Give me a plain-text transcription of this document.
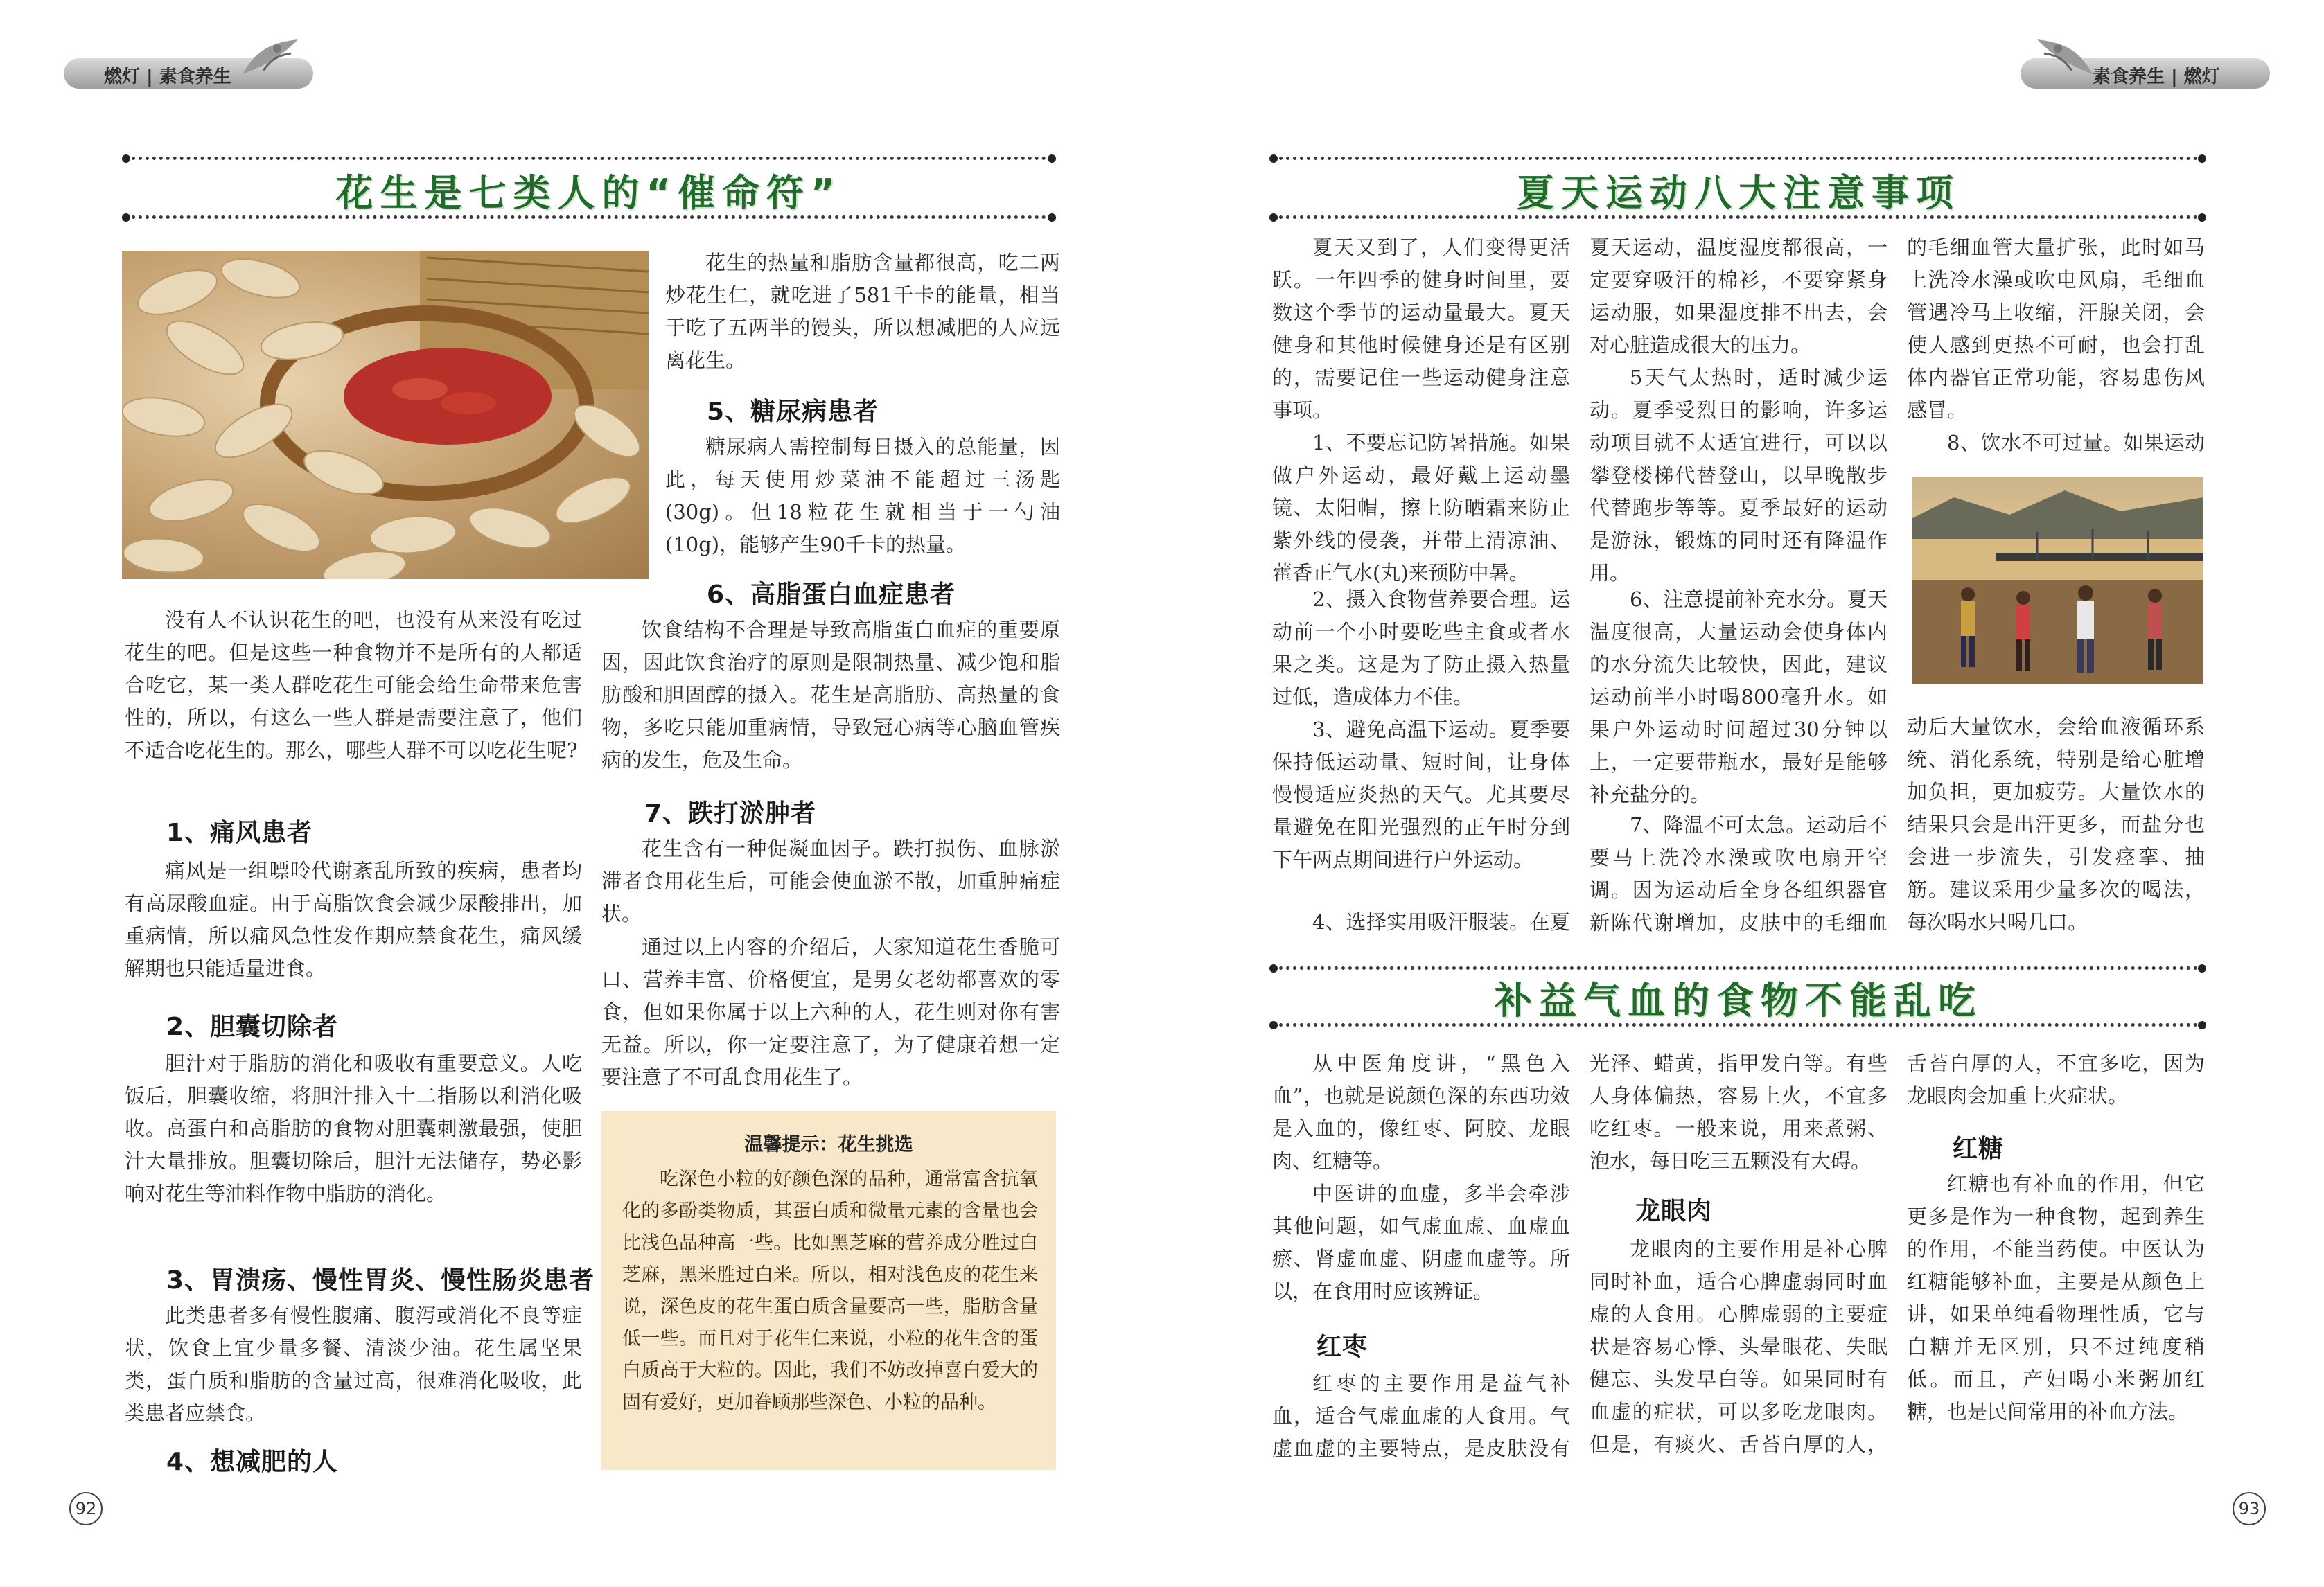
燃灯 | 素食养生	素食养生 | 燃灯
花生是七类人的“催命符”

没有人不认识花生的吧，也没有从来没有吃过花生的吧。但是这些一种食物并不是所有的人都适合吃它，某一类人群吃花生可能会给生命带来危害性的，所以，有这么一些人群是需要注意了，他们不适合吃花生的。那么，哪些人群不可以吃花生呢?

1、痛风患者

痛风是一组嘌呤代谢紊乱所致的疾病，患者均有高尿酸血症。由于高脂饮食会减少尿酸排出，加重病情，所以痛风急性发作期应禁食花生，痛风缓解期也只能适量进食。

2、胆囊切除者

胆汁对于脂肪的消化和吸收有重要意义。人吃饭后，胆囊收缩，将胆汁排入十二指肠以利消化吸收。高蛋白和高脂肪的食物对胆囊刺激最强，使胆汁大量排放。胆囊切除后，胆汁无法储存，势必影响对花生等油料作物中脂肪的消化。

3、胃溃疡、慢性胃炎、慢性肠炎患者

此类患者多有慢性腹痛、腹泻或消化不良等症状，饮食上宜少量多餐、清淡少油。花生属坚果类，蛋白质和脂肪的含量过高，很难消化吸收，此类患者应禁食。

4、想减肥的人

花生的热量和脂肪含量都很高，吃二两炒花生仁，就吃进了581千卡的能量，相当于吃了五两半的馒头，所以想减肥的人应远离花生。

5、糖尿病患者

糖尿病人需控制每日摄入的总能量，因此，每天使用炒菜油不能超过三汤匙(30g)。但18粒花生就相当于一勺油(10g)，能够产生90千卡的热量。

6、高脂蛋白血症患者

饮食结构不合理是导致高脂蛋白血症的重要原因，因此饮食治疗的原则是限制热量、减少饱和脂肪酸和胆固醇的摄入。花生是高脂肪、高热量的食物，多吃只能加重病情，导致冠心病等心脑血管疾病的发生，危及生命。

7、跌打淤肿者

花生含有一种促凝血因子。跌打损伤、血脉淤滞者食用花生后，可能会使血淤不散，加重肿痛症状。

通过以上内容的介绍后，大家知道花生香脆可口、营养丰富、价格便宜，是男女老幼都喜欢的零食，但如果你属于以上六种的人，花生则对你有害无益。所以，你一定要注意了，为了健康着想一定要注意了不可乱食用花生了。

温馨提示：花生挑选

吃深色小粒的好颜色深的品种，通常富含抗氧化的多酚类物质，其蛋白质和微量元素的含量也会比浅色品种高一些。比如黑芝麻的营养成分胜过白芝麻，黑米胜过白米。所以，相对浅色皮的花生来说，深色皮的花生蛋白质含量要高一些，脂肪含量低一些。而且对于花生仁来说，小粒的花生含的蛋白质高于大粒的。因此，我们不妨改掉喜白爱大的固有爱好，更加眷顾那些深色、小粒的品种。

92
夏天运动八大注意事项

夏天又到了，人们变得更活跃。一年四季的健身时间里，要数这个季节的运动量最大。夏天健身和其他时候健身还是有区别的，需要记住一些运动健身注意事项。

1、不要忘记防暑措施。如果做户外运动，最好戴上运动墨镜、太阳帽，擦上防晒霜来防止紫外线的侵袭，并带上清凉油、藿香正气水(丸)来预防中暑。

2、摄入食物营养要合理。运动前一个小时要吃些主食或者水果之类。这是为了防止摄入热量过低，造成体力不佳。

3、避免高温下运动。夏季要保持低运动量、短时间，让身体慢慢适应炎热的天气。尤其要尽量避免在阳光强烈的正午时分到下午两点期间进行户外运动。

4、选择实用吸汗服装。在夏

夏天运动，温度湿度都很高，一定要穿吸汗的棉衫，不要穿紧身运动服，如果湿度排不出去，会对心脏造成很大的压力。

5天气太热时，适时减少运动。夏季受烈日的影响，许多运动项目就不太适宜进行，可以以攀登楼梯代替登山，以早晚散步代替跑步等等。夏季最好的运动是游泳，锻炼的同时还有降温作用。

6、注意提前补充水分。夏天温度很高，大量运动会使身体内的水分流失比较快，因此，建议运动前半小时喝800毫升水。如果户外运动时间超过30分钟以上，一定要带瓶水，最好是能够补充盐分的。

7、降温不可太急。运动后不要马上洗冷水澡或吹电扇开空调。因为运动后全身各组织器官新陈代谢增加，皮肤中的毛细血

的毛细血管大量扩张，此时如马上洗冷水澡或吹电风扇，毛细血管遇冷马上收缩，汗腺关闭，会使人感到更热不可耐，也会打乱体内器官正常功能，容易患伤风感冒。

8、饮水不可过量。如果运动

动后大量饮水，会给血液循环系统、消化系统，特别是给心脏增加负担，更加疲劳。大量饮水的结果只会是出汗更多，而盐分也会进一步流失，引发痉挛、抽筋。建议采用少量多次的喝法，每次喝水只喝几口。

补益气血的食物不能乱吃

从中医角度讲，“黑色入血”，也就是说颜色深的东西功效是入血的，像红枣、阿胶、龙眼肉、红糖等。

中医讲的血虚，多半会牵涉其他问题，如气虚血虚、血虚血瘀、肾虚血虚、阴虚血虚等。所以，在食用时应该辨证。

红枣

红枣的主要作用是益气补血，适合气虚血虚的人食用。气虚血虚的主要特点，是皮肤没有

光泽、蜡黄，指甲发白等。有些人身体偏热，容易上火，不宜多吃红枣。一般来说，用来煮粥、泡水，每日吃三五颗没有大碍。

龙眼肉

龙眼肉的主要作用是补心脾同时补血，适合心脾虚弱同时血虚的人食用。心脾虚弱的主要症状是容易心悸、头晕眼花、失眠健忘、头发早白等。如果同时有血虚的症状，可以多吃龙眼肉。但是，有痰火、舌苔白厚的人，

舌苔白厚的人，不宜多吃，因为龙眼肉会加重上火症状。

红糖

红糖也有补血的作用，但它更多是作为一种食物，起到养生的作用，不能当药使。中医认为红糖能够补血，主要是从颜色上讲，如果单纯看物理性质，它与白糖并无区别，只不过纯度稍低。而且，产妇喝小米粥加红糖，也是民间常用的补血方法。

93
